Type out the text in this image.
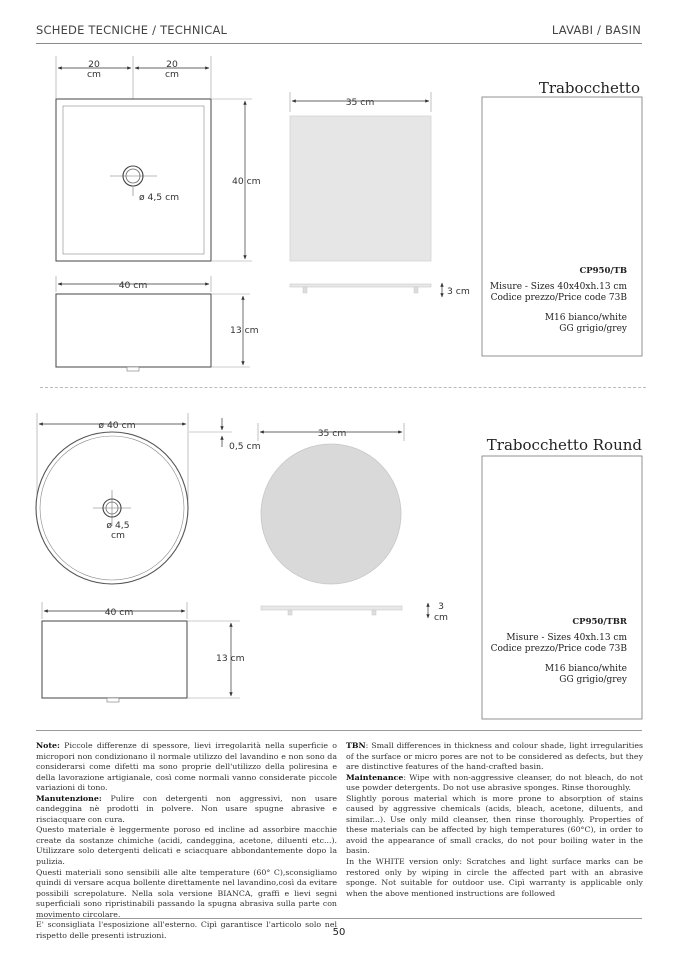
SCHEDE TECNICHE / TECHNICAL	LAVABI / BASIN
20
cm
20
cm
ø 4,5 cm
40 cm
35 cm
3 cm
40 cm
13 cm
ø 40 cm
0,5 cm
ø 4,5
cm
35 cm
3
cm
40 cm
13 cm
Trabocchetto
Trabocchetto Round
CP950/TB
Misure - Sizes 40x40xh.13 cm
Codice prezzo/Price code 73B
M16 bianco/white
GG grigio/grey
CP950/TBR
Misure - Sizes 40xh.13 cm
Codice prezzo/Price code 73B
M16 bianco/white
GG grigio/grey

Note: Piccole differenze di spessore, lievi irregolarità nella superficie o micropori non condizionano il normale utilizzo del lavandino e non sono da considerarsi come difetti ma sono proprie dell'utilizzo della poliresina e della lavorazione artigianale, così come normali vanno considerate piccole variazioni di tono.

Manutenzione: Pulire con detergenti non aggressivi, non usare candeggina nè prodotti in polvere. Non usare spugne abrasive e risciacquare con cura.

Questo materiale è leggermente poroso ed incline ad assorbire macchie create da sostanze chimiche (acidi, candeggina, acetone, diluenti etc...). Utilizzare solo detergenti delicati e sciacquare abbondantemente dopo la pulizia.

Questi materiali sono sensibili alle alte temperature (60° C),sconsigliamo quindi di versare acqua bollente direttamente nel lavandino,così da evitare possibili screpolature. Nella sola versione BIANCA, graffi e lievi segni superficiali sono ripristinabili passando la spugna abrasiva sulla parte con movimento circolare.

E' sconsigliata l'esposizione all'esterno. Cipì garantisce l'articolo solo nel rispetto delle presenti istruzioni.

TBN: Small differences in thickness and colour shade, light irregularities of the surface or micro pores are not to be considered as defects, but they are distinctive features of the hand-crafted basin.

Maintenance: Wipe with non-aggressive cleanser, do not bleach, do not use powder detergents. Do not use abrasive sponges. Rinse thoroughly.

Slightly porous material which is more prone to absorption of stains caused by aggressive chemicals (acids, bleach, acetone, diluents, and similar...). Use only mild cleanser, then rinse thoroughly. Properties of these materials can be affected by high temperatures (60°C), in order to avoid the appearance of small cracks, do not pour boiling water in the basin.

In the WHITE version only: Scratches and light surface marks can be restored only by wiping in circle the affected part with an abrasive sponge. Not suitable for outdoor use. Cipì warranty is applicable only when the above mentioned instructions are followed

50
